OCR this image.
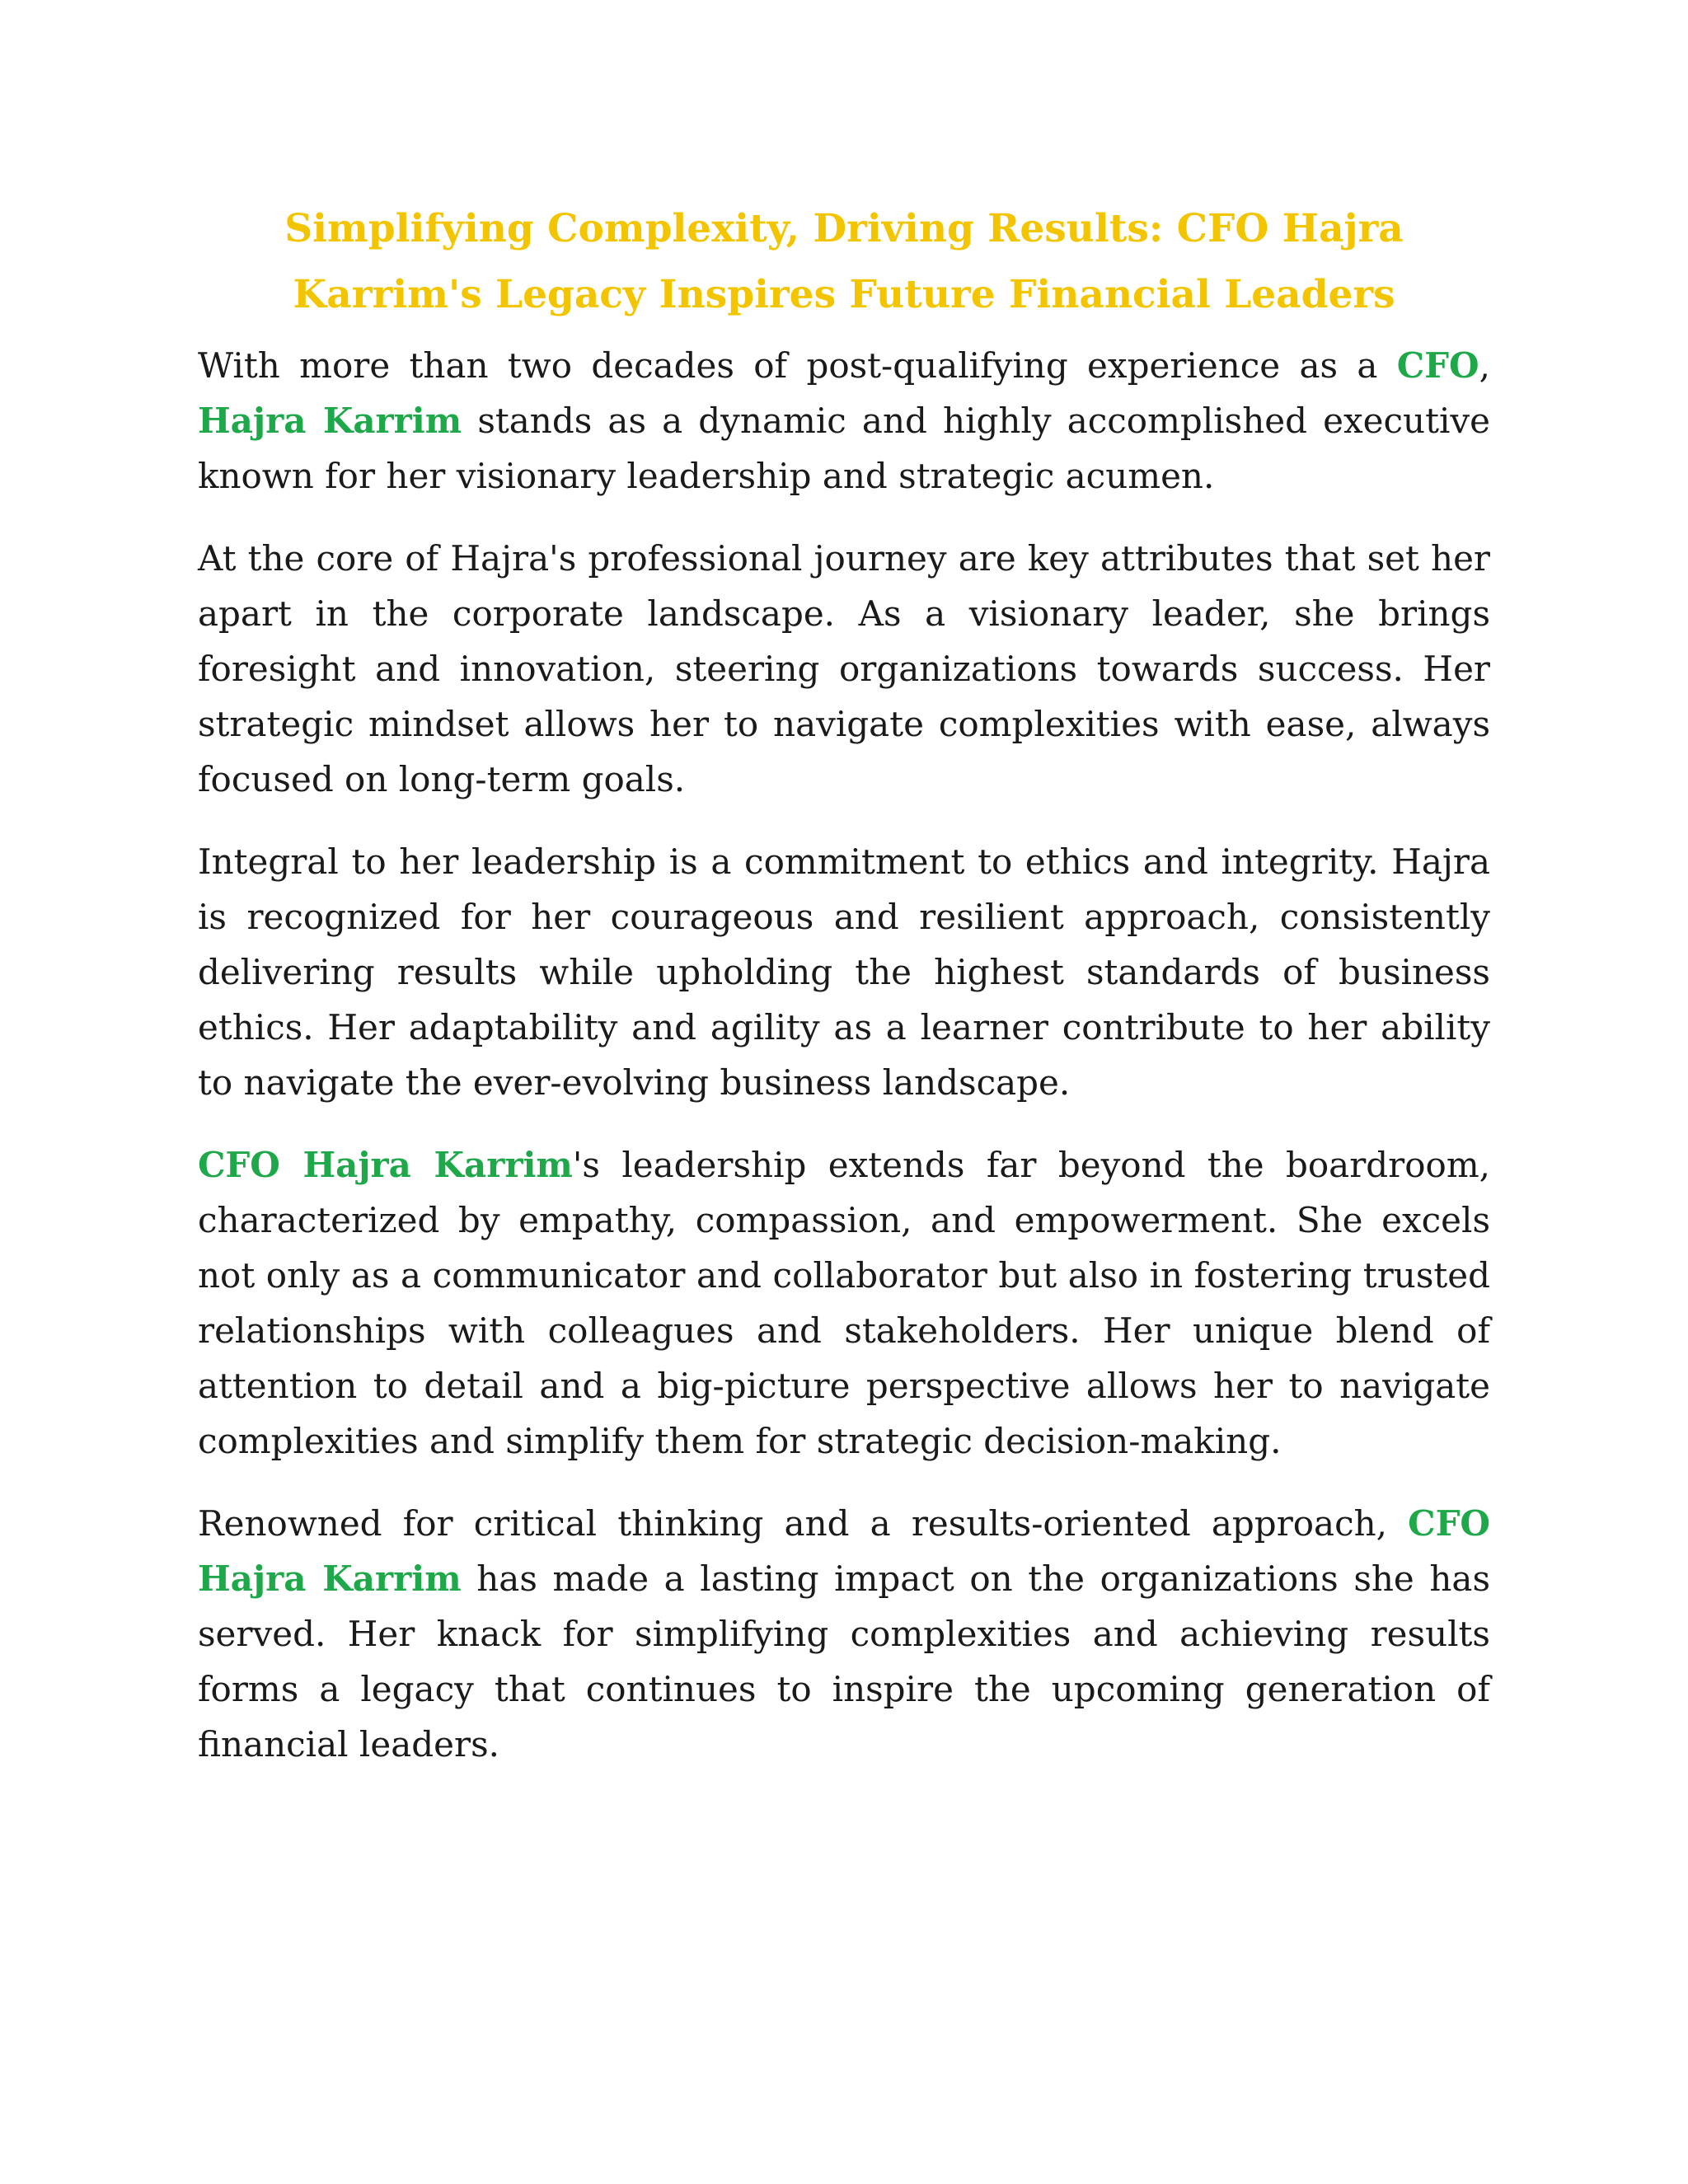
Simplifying Complexity, Driving Results: CFO Hajra
Karrim's Legacy Inspires Future Financial Leaders

With more than two decades of post-qualifying experience as a CFO, Hajra Karrim stands as a dynamic and highly accomplished executive known for her visionary leadership and strategic acumen.

At the core of Hajra's professional journey are key attributes that set her apart in the corporate landscape. As a visionary leader, she brings foresight and innovation, steering organizations towards success. Her strategic mindset allows her to navigate complexities with ease, always focused on long-term goals.

Integral to her leadership is a commitment to ethics and integrity. Hajra is recognized for her courageous and resilient approach, consistently delivering results while upholding the highest standards of business ethics. Her adaptability and agility as a learner contribute to her ability to navigate the ever-evolving business landscape.

CFO Hajra Karrim's leadership extends far beyond the boardroom, characterized by empathy, compassion, and empowerment. She excels not only as a communicator and collaborator but also in fostering trusted relationships with colleagues and stakeholders. Her unique blend of attention to detail and a big-picture perspective allows her to navigate complexities and simplify them for strategic decision-making.

Renowned for critical thinking and a results-oriented approach, CFO Hajra Karrim has made a lasting impact on the organizations she has served. Her knack for simplifying complexities and achieving results forms a legacy that continues to inspire the upcoming generation of financial leaders.
